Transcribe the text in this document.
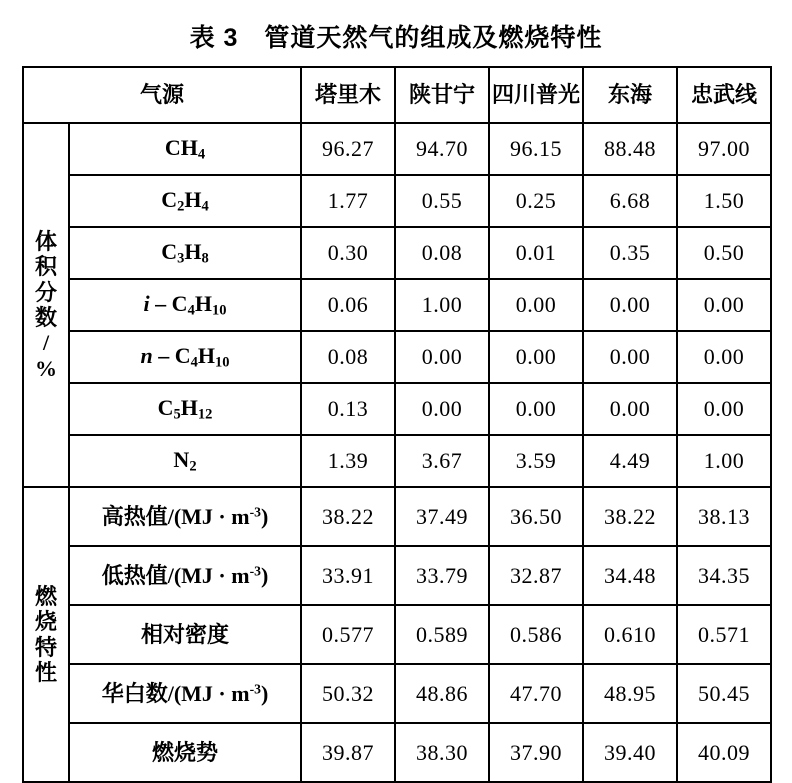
表 3　管道天然气的组成及燃烧特性
气源		塔里木	陕甘宁	四川普光	东海	忠武线

体
积
分
数
/
%
	$CH_4$	96.27	94.70	96.15	88.48	97.00
	$C_2H_4$	1.77	0.55	0.25	6.68	1.50
	$C_3H_8$	0.30	0.08	0.01	0.35	0.50
	i – $C_4H_{10}$	0.06	1.00	0.00	0.00	0.00
	n – $C_4H_{10}$	0.08	0.00	0.00	0.00	0.00
	$C_5H_{12}$	0.13	0.00	0.00	0.00	0.00
	$N_2$	1.39	3.67	3.59	4.49	1.00

燃
烧
特
性	高热值$/(MJ \cdot m^{-3})$	38.22	37.49	36.50	38.22	38.13
	低热值$/(MJ \cdot m^{-3})$	33.91	33.79	32.87	34.48	34.35
	相对密度	0.577	0.589	0.586	0.610	0.571
	华白数$/(MJ \cdot m^{-3})$	50.32	48.86	47.70	48.95	50.45
	燃烧势	39.87	38.30	37.90	39.40	40.09
